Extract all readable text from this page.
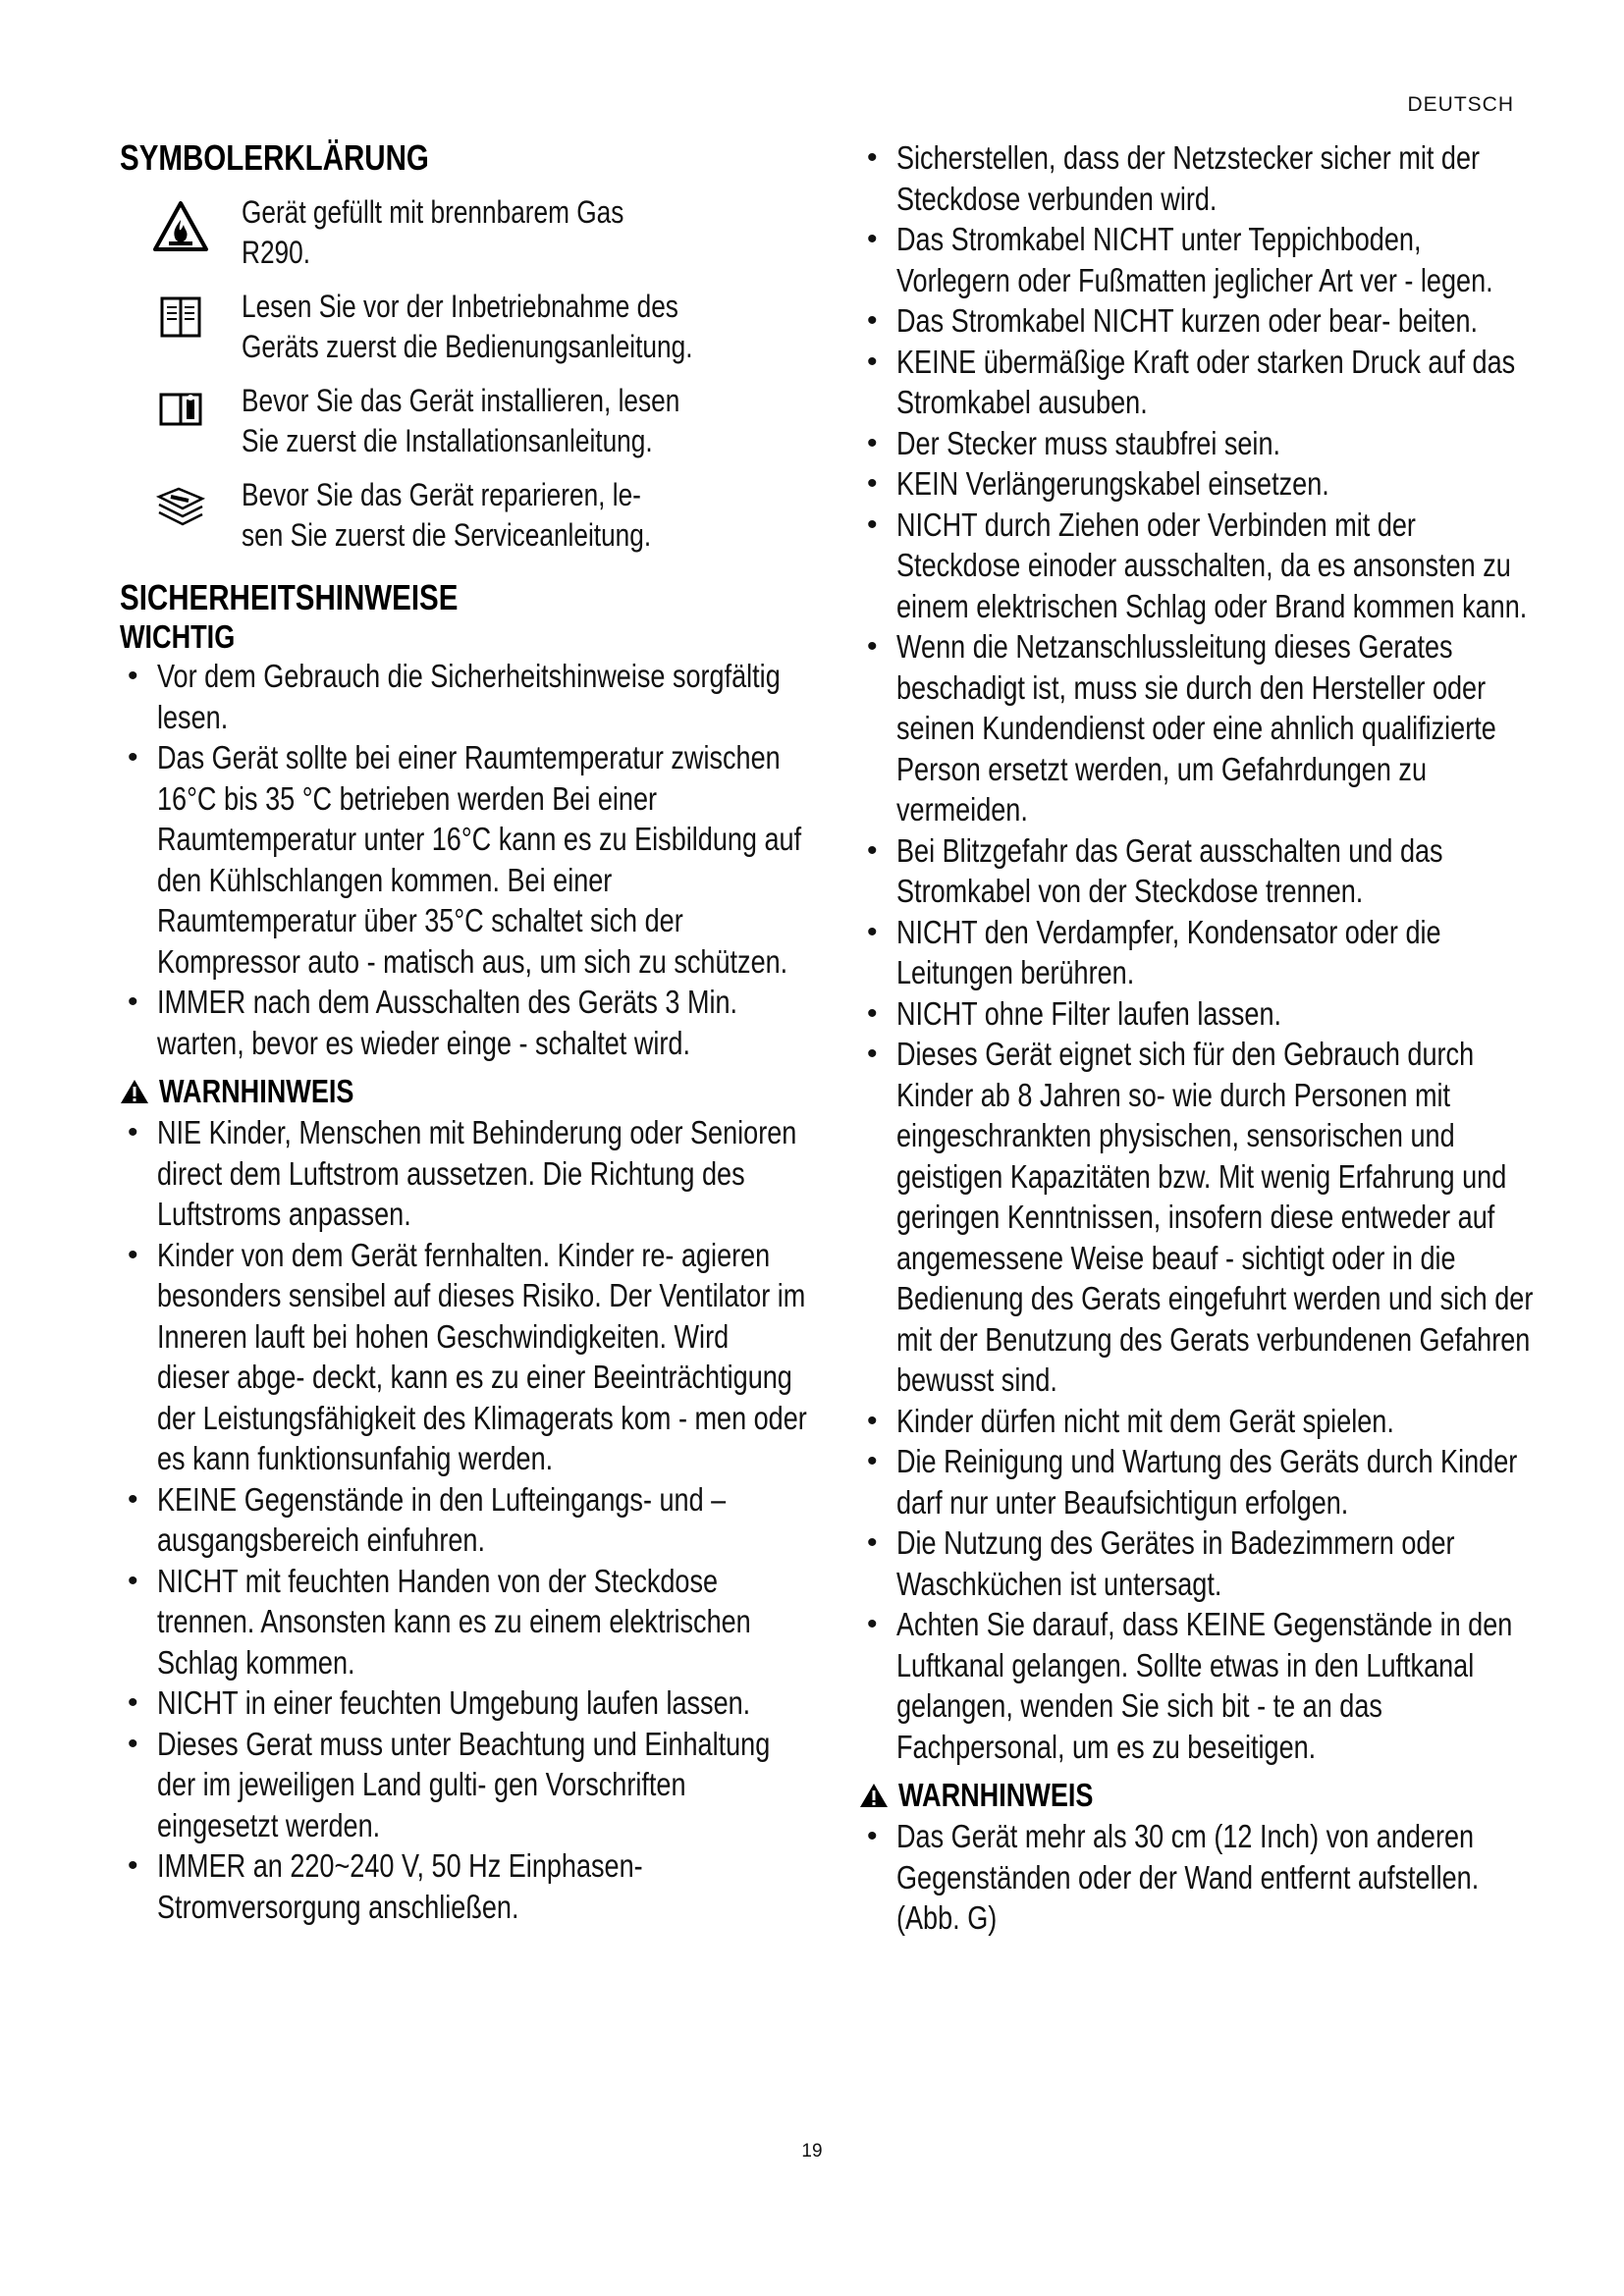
DEUTSCH
SYMBOLERKLÄRUNG
Gerät gefüllt mit brennbarem Gas
R290.
Lesen Sie vor der Inbetriebnahme des
Geräts zuerst die Bedienungsanleitung.
Bevor Sie das Gerät installieren, lesen
Sie zuerst die Installationsanleitung.
Bevor Sie das Gerät reparieren, le-
sen Sie zuerst die Serviceanleitung.
SICHERHEITSHINWEISE
WICHTIG
• Vor dem Gebrauch die Sicherheitshinweise sorgfältig lesen.
• Das Gerät sollte bei einer Raumtemperatur zwischen 16°C bis 35 °C betrieben werden Bei einer Raumtemperatur unter 16°C kann es zu Eisbildung auf den Kühlschlangen kommen. Bei einer Raumtemperatur über 35°C schaltet sich der Kompressor auto - matisch aus, um sich zu schützen.
• IMMER nach dem Ausschalten des Geräts 3 Min. warten, bevor es wieder einge - schaltet wird.
WARNHINWEIS
• NIE Kinder, Menschen mit Behinderung oder Senioren direct dem Luftstrom aussetzen. Die Richtung des Luftstroms anpassen.
• Kinder von dem Gerät fernhalten. Kinder re- agieren besonders sensibel auf dieses Risiko. Der Ventilator im Inneren lauft bei hohen Geschwindigkeiten. Wird dieser abge- deckt, kann es zu einer Beeinträchtigung der Leistungsfähigkeit des Klimagerats kom - men oder es kann funktionsunfahig werden.
• KEINE Gegenstände in den Lufteingangs- und –ausgangsbereich einfuhren.
• NICHT mit feuchten Handen von der Steckdose trennen. Ansonsten kann es zu einem elektrischen Schlag kommen.
• NICHT in einer feuchten Umgebung laufen lassen.
• Dieses Gerat muss unter Beachtung und Einhaltung der im jeweiligen Land gulti- gen Vorschriften eingesetzt werden.
• IMMER an 220~240 V, 50 Hz Einphasen- Stromversorgung anschließen.
• Sicherstellen, dass der Netzstecker sicher mit der Steckdose verbunden wird.
• Das Stromkabel NICHT unter Teppichboden, Vorlegern oder Fußmatten jeglicher Art ver - legen.
• Das Stromkabel NICHT kurzen oder bear- beiten.
• KEINE übermäßige Kraft oder starken Druck auf das Stromkabel ausuben.
• Der Stecker muss staubfrei sein.
• KEIN Verlängerungskabel einsetzen.
• NICHT durch Ziehen oder Verbinden mit der Steckdose einoder ausschalten, da es ansonsten zu einem elektrischen Schlag oder Brand kommen kann.
• Wenn die Netzanschlussleitung dieses Gerates beschadigt ist, muss sie durch den Hersteller oder seinen Kundendienst oder eine ahnlich qualifizierte Person ersetzt werden, um Gefahrdungen zu vermeiden.
• Bei Blitzgefahr das Gerat ausschalten und das Stromkabel von der Steckdose trennen.
• NICHT den Verdampfer, Kondensator oder die Leitungen berühren.
• NICHT ohne Filter laufen lassen.
• Dieses Gerät eignet sich für den Gebrauch durch Kinder ab 8 Jahren so- wie durch Personen mit eingeschrankten physischen, sensorischen und geistigen Kapazitäten bzw. Mit wenig Erfahrung und geringen Kenntnissen, insofern diese entweder auf angemessene Weise beauf - sichtigt oder in die Bedienung des Gerats eingefuhrt werden und sich der mit der Benutzung des Gerats verbundenen Gefahren bewusst sind.
• Kinder dürfen nicht mit dem Gerät spielen.
• Die Reinigung und Wartung des Geräts durch Kinder darf nur unter Beaufsichtigun erfolgen.
• Die Nutzung des Gerätes in Badezimmern oder Waschküchen ist untersagt.
• Achten Sie darauf, dass KEINE Gegenstände in den Luftkanal gelangen. Sollte etwas in den Luftkanal gelangen, wenden Sie sich bit - te an das Fachpersonal, um es zu beseitigen.
WARNHINWEIS
• Das Gerät mehr als 30 cm (12 Inch) von anderen Gegenständen oder der Wand entfernt aufstellen. (Abb. G)
19
